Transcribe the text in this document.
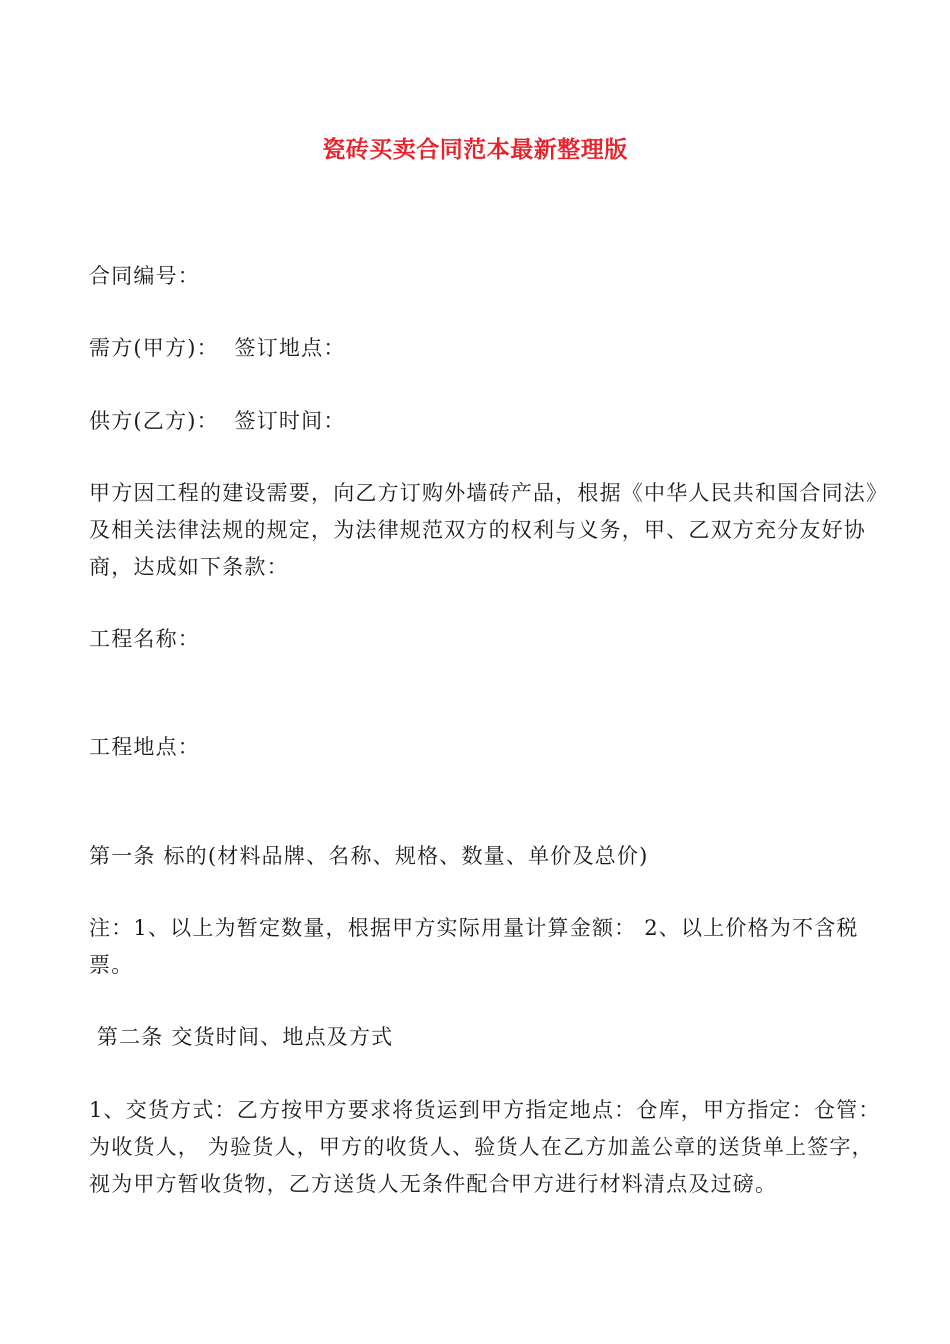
瓷砖买卖合同范本最新整理版
合同编号：
需方(甲方)：  签订地点：
供方(乙方)：  签订时间：
甲方因工程的建设需要，向乙方订购外墙砖产品，根据《中华人民共和国合同法》及相关法律法规的规定，为法律规范双方的权利与义务，甲、乙双方充分友好协商，达成如下条款：
工程名称：
工程地点：
第一条 标的(材料品牌、名称、规格、数量、单价及总价)
注：1、以上为暂定数量，根据甲方实际用量计算金额： 2、以上价格为不含税票。
第二条 交货时间、地点及方式
1、交货方式：乙方按甲方要求将货运到甲方指定地点：仓库，甲方指定：仓管： 为收货人， 为验货人，甲方的收货人、验货人在乙方加盖公章的送货单上签字，视为甲方暂收货物，乙方送货人无条件配合甲方进行材料清点及过磅。
